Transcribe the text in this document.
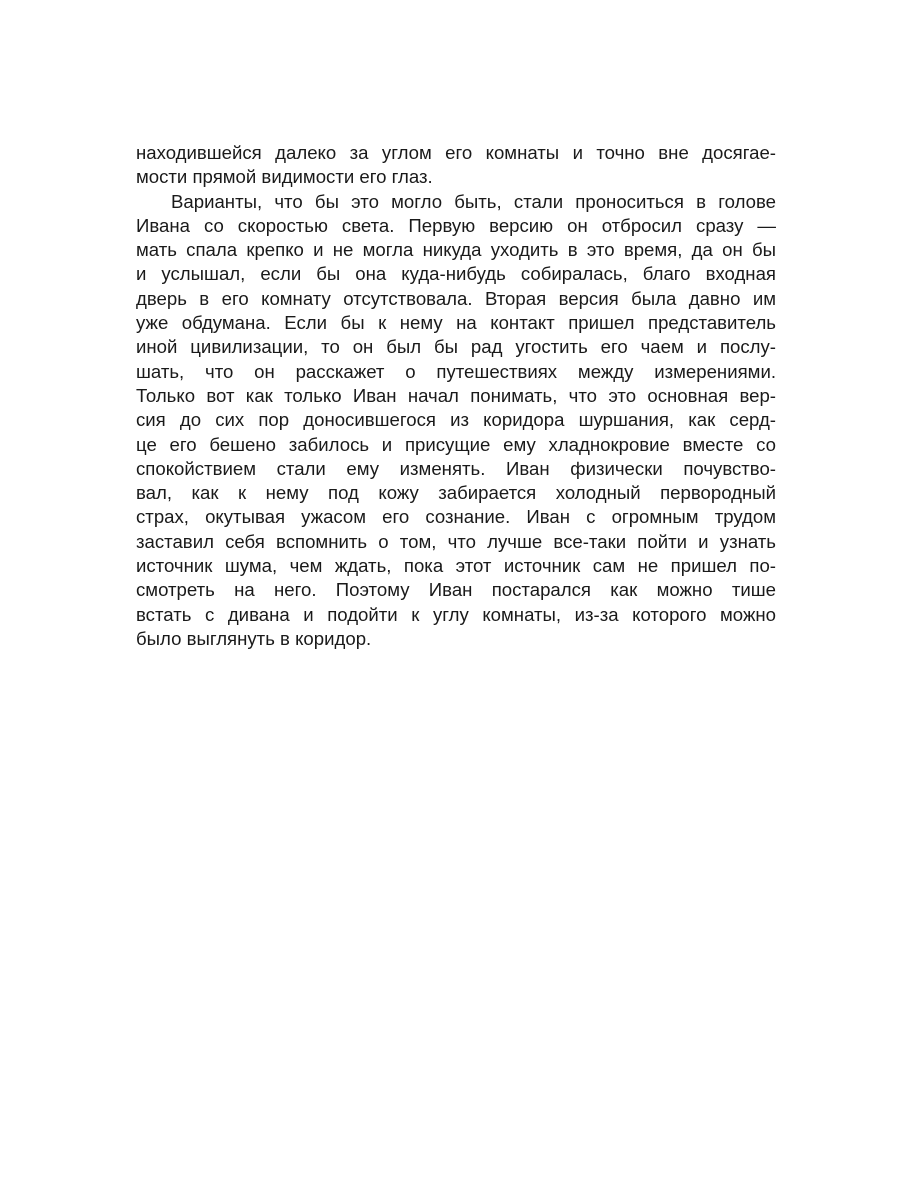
находившейся далеко за углом его комнаты и точно вне досягае-
мости прямой видимости его глаз.
Варианты, что бы это могло быть, стали проноситься в голове
Ивана со скоростью света. Первую версию он отбросил сразу —
мать спала крепко и не могла никуда уходить в это время, да он бы
и услышал, если бы она куда-нибудь собиралась, благо входная
дверь в его комнату отсутствовала. Вторая версия была давно им
уже обдумана. Если бы к нему на контакт пришел представитель
иной цивилизации, то он был бы рад угостить его чаем и послу-
шать, что он расскажет о путешествиях между измерениями.
Только вот как только Иван начал понимать, что это основная вер-
сия до сих пор доносившегося из коридора шуршания, как серд-
це его бешено забилось и присущие ему хладнокровие вместе со
спокойствием стали ему изменять. Иван физически почувство-
вал, как к нему под кожу забирается холодный первородный
страх, окутывая ужасом его сознание. Иван с огромным трудом
заставил себя вспомнить о том, что лучше все-таки пойти и узнать
источник шума, чем ждать, пока этот источник сам не пришел по-
смотреть на него. Поэтому Иван постарался как можно тише
встать с дивана и подойти к углу комнаты, из-за которого можно
было выглянуть в коридор.
